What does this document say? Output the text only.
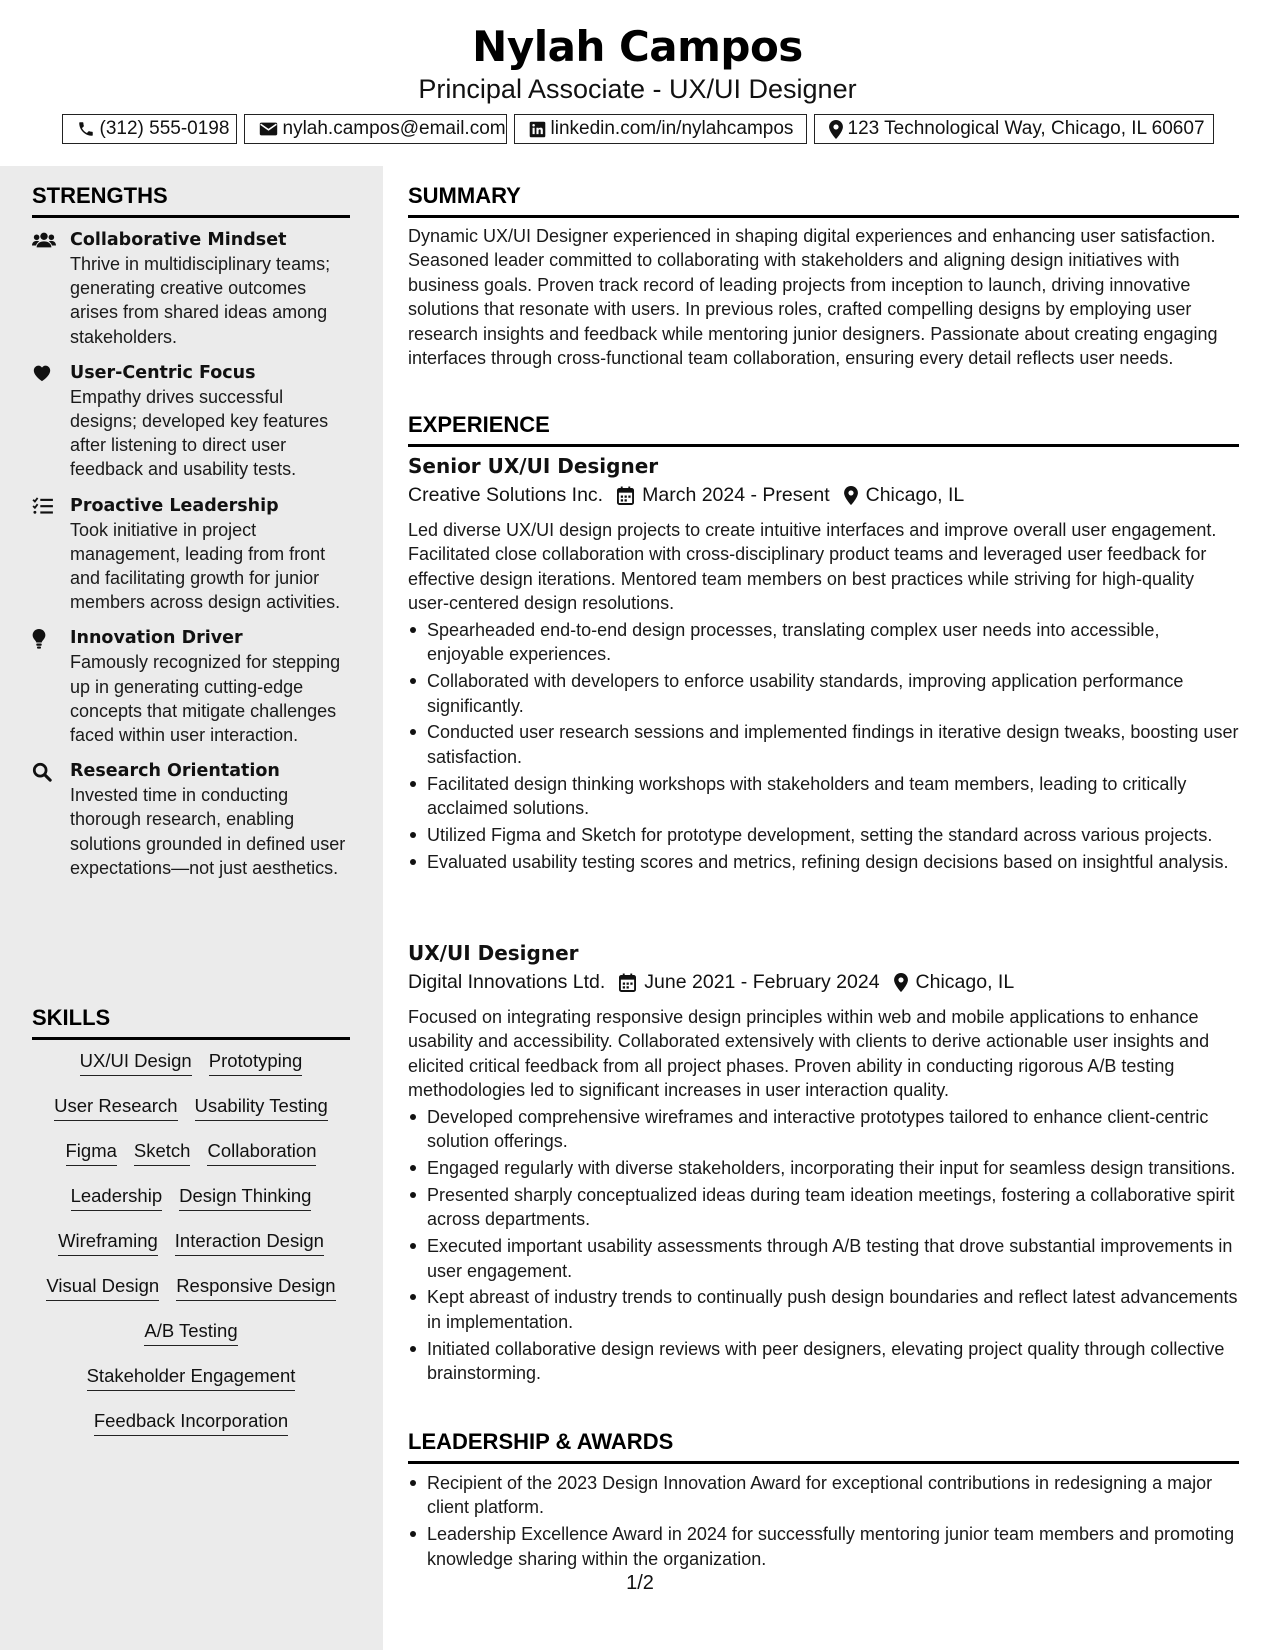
Nylah Campos
Principal Associate - UX/UI Designer
(312) 555-0198	nylah.campos@email.com linkedin.com/in/nylahcampos	123 Technological Way, Chicago, IL 60607
STRENGTHS
Collaborative Mindset
Thrive in multidisciplinary teams; generating creative outcomes arises from shared ideas among stakeholders.
User-Centric Focus
Empathy drives successful designs; developed key features after listening to direct user feedback and usability tests.
Proactive Leadership
Took initiative in project management, leading from front and facilitating growth for junior members across design activities.
Innovation Driver
Famously recognized for stepping up in generating cutting-edge concepts that mitigate challenges faced within user interaction.
Research Orientation
Invested time in conducting thorough research, enabling solutions grounded in defined user expectations—not just aesthetics.
SKILLS
UX/UI Design Prototyping
User Research Usability Testing
Figma Sketch Collaboration
Leadership Design Thinking
Wireframing Interaction Design
Visual Design Responsive Design
A/B Testing
Stakeholder Engagement
Feedback Incorporation
SUMMARY
Dynamic UX/UI Designer experienced in shaping digital experiences and enhancing user satisfaction. Seasoned leader committed to collaborating with stakeholders and aligning design initiatives with business goals. Proven track record of leading projects from inception to launch, driving innovative solutions that resonate with users. In previous roles, crafted compelling designs by employing user research insights and feedback while mentoring junior designers. Passionate about creating engaging interfaces through cross-functional team collaboration, ensuring every detail reflects user needs.
EXPERIENCE
Senior UX/UI Designer
Creative Solutions Inc. March 2024 - Present Chicago, IL
Led diverse UX/UI design projects to create intuitive interfaces and improve overall user engagement. Facilitated close collaboration with cross-disciplinary product teams and leveraged user feedback for effective design iterations. Mentored team members on best practices while striving for high-quality user-centered design resolutions.
Spearheaded end-to-end design processes, translating complex user needs into accessible, enjoyable experiences.
Collaborated with developers to enforce usability standards, improving application performance significantly.
Conducted user research sessions and implemented findings in iterative design tweaks, boosting user satisfaction.
Facilitated design thinking workshops with stakeholders and team members, leading to critically acclaimed solutions.
Utilized Figma and Sketch for prototype development, setting the standard across various projects.
Evaluated usability testing scores and metrics, refining design decisions based on insightful analysis.
UX/UI Designer
Digital Innovations Ltd. June 2021 - February 2024 Chicago, IL
Focused on integrating responsive design principles within web and mobile applications to enhance usability and accessibility. Collaborated extensively with clients to derive actionable user insights and elicited critical feedback from all project phases. Proven ability in conducting rigorous A/B testing methodologies led to significant increases in user interaction quality.
Developed comprehensive wireframes and interactive prototypes tailored to enhance client-centric solution offerings.
Engaged regularly with diverse stakeholders, incorporating their input for seamless design transitions.
Presented sharply conceptualized ideas during team ideation meetings, fostering a collaborative spirit across departments.
Executed important usability assessments through A/B testing that drove substantial improvements in user engagement.
Kept abreast of industry trends to continually push design boundaries and reflect latest advancements in implementation.
Initiated collaborative design reviews with peer designers, elevating project quality through collective brainstorming.
LEADERSHIP & AWARDS
Recipient of the 2023 Design Innovation Award for exceptional contributions in redesigning a major client platform.
Leadership Excellence Award in 2024 for successfully mentoring junior team members and promoting knowledge sharing within the organization.
1/2
